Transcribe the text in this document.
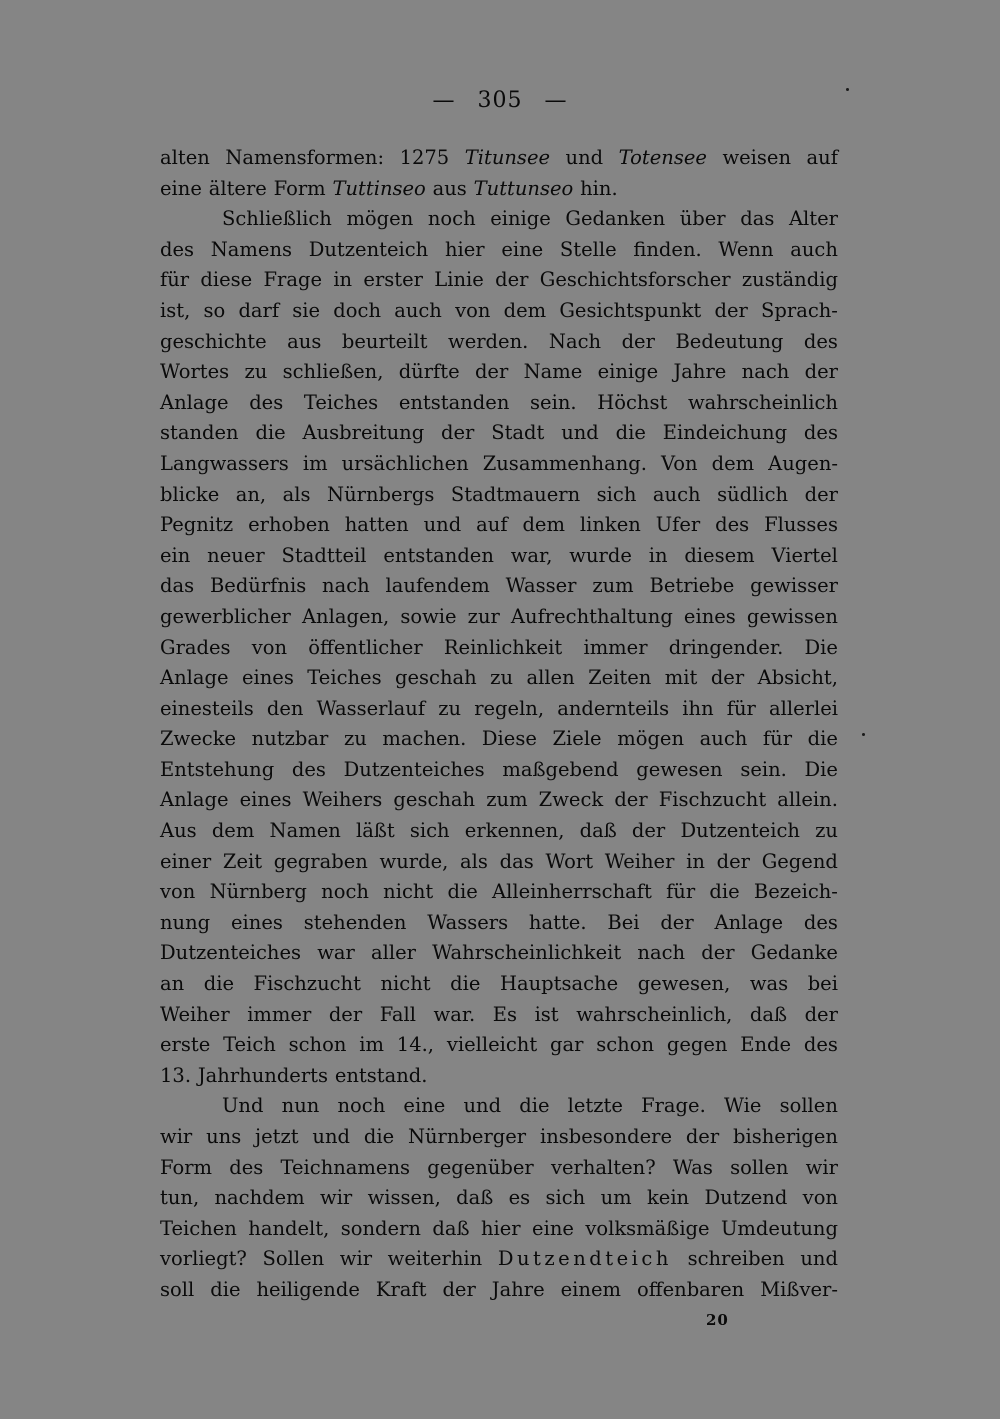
— 305 —
alten Namensformen: 1275 Titunsee und Totensee weisen auf
eine ältere Form Tuttinseo aus Tuttunseo hin.
Schließlich mögen noch einige Gedanken über das Alter
des Namens Dutzenteich hier eine Stelle finden. Wenn auch
für diese Frage in erster Linie der Geschichtsforscher zuständig
ist, so darf sie doch auch von dem Gesichtspunkt der Sprach-
geschichte aus beurteilt werden. Nach der Bedeutung des
Wortes zu schließen, dürfte der Name einige Jahre nach der
Anlage des Teiches entstanden sein. Höchst wahrscheinlich
standen die Ausbreitung der Stadt und die Eindeichung des
Langwassers im ursächlichen Zusammenhang. Von dem Augen-
blicke an, als Nürnbergs Stadtmauern sich auch südlich der
Pegnitz erhoben hatten und auf dem linken Ufer des Flusses
ein neuer Stadtteil entstanden war, wurde in diesem Viertel
das Bedürfnis nach laufendem Wasser zum Betriebe gewisser
gewerblicher Anlagen, sowie zur Aufrechthaltung eines gewissen
Grades von öffentlicher Reinlichkeit immer dringender. Die
Anlage eines Teiches geschah zu allen Zeiten mit der Absicht,
einesteils den Wasserlauf zu regeln, andernteils ihn für allerlei
Zwecke nutzbar zu machen. Diese Ziele mögen auch für die
Entstehung des Dutzenteiches maßgebend gewesen sein. Die
Anlage eines Weihers geschah zum Zweck der Fischzucht allein.
Aus dem Namen läßt sich erkennen, daß der Dutzenteich zu
einer Zeit gegraben wurde, als das Wort Weiher in der Gegend
von Nürnberg noch nicht die Alleinherrschaft für die Bezeich-
nung eines stehenden Wassers hatte. Bei der Anlage des
Dutzenteiches war aller Wahrscheinlichkeit nach der Gedanke
an die Fischzucht nicht die Hauptsache gewesen, was bei
Weiher immer der Fall war. Es ist wahrscheinlich, daß der
erste Teich schon im 14., vielleicht gar schon gegen Ende des
13. Jahrhunderts entstand.
Und nun noch eine und die letzte Frage. Wie sollen
wir uns jetzt und die Nürnberger insbesondere der bisherigen
Form des Teichnamens gegenüber verhalten? Was sollen wir
tun, nachdem wir wissen, daß es sich um kein Dutzend von
Teichen handelt, sondern daß hier eine volksmäßige Umdeutung
vorliegt? Sollen wir weiterhin Dutzendteich schreiben und
soll die heiligende Kraft der Jahre einem offenbaren Mißver-
20
